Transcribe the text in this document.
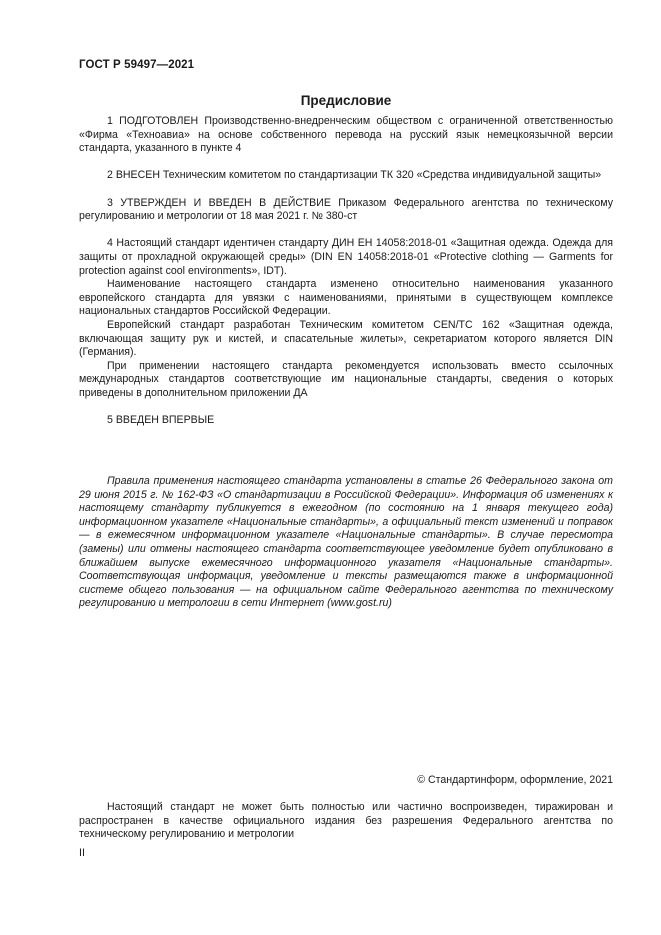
ГОСТ Р 59497—2021
Предисловие

1 ПОДГОТОВЛЕН Производственно-внедренческим обществом с ограниченной ответственностью «Фирма «Техноавиа» на основе собственного перевода на русский язык немецкоязычной версии стандарта, указанного в пункте 4

2 ВНЕСЕН Техническим комитетом по стандартизации ТК 320 «Средства индивидуальной защиты»

3 УТВЕРЖДЕН И ВВЕДЕН В ДЕЙСТВИЕ Приказом Федерального агентства по техническому регулированию и метрологии от 18 мая 2021 г. № 380-ст

4 Настоящий стандарт идентичен стандарту ДИН ЕН 14058:2018-01 «Защитная одежда. Одежда для защиты от прохладной окружающей среды» (DIN EN 14058:2018-01 «Protective clothing — Garments for protection against cool environments», IDT).

Наименование настоящего стандарта изменено относительно наименования указанного европейского стандарта для увязки с наименованиями, принятыми в существующем комплексе национальных стандартов Российской Федерации.

Европейский стандарт разработан Техническим комитетом CEN/TC 162 «Защитная одежда, включающая защиту рук и кистей, и спасательные жилеты», секретариатом которого является DIN (Германия).

При применении настоящего стандарта рекомендуется использовать вместо ссылочных международных стандартов соответствующие им национальные стандарты, сведения о которых приведены в дополнительном приложении ДА

5 ВВЕДЕН ВПЕРВЫЕ

Правила применения настоящего стандарта установлены в статье 26 Федерального закона от 29 июня 2015 г. № 162-ФЗ «О стандартизации в Российской Федерации». Информация об изменениях к настоящему стандарту публикуется в ежегодном (по состоянию на 1 января текущего года) информационном указателе «Национальные стандарты», а официальный текст изменений и поправок — в ежемесячном информационном указателе «Национальные стандарты». В случае пересмотра (замены) или отмены настоящего стандарта соответствующее уведомление будет опубликовано в ближайшем выпуске ежемесячного информационного указателя «Национальные стандарты». Соответствующая информация, уведомление и тексты размещаются также в информационной системе общего пользования — на официальном сайте Федерального агентства по техническому регулированию и метрологии в сети Интернет (www.gost.ru)

© Стандартинформ, оформление, 2021

Настоящий стандарт не может быть полностью или частично воспроизведен, тиражирован и распространен в качестве официального издания без разрешения Федерального агентства по техническому регулированию и метрологии

II
